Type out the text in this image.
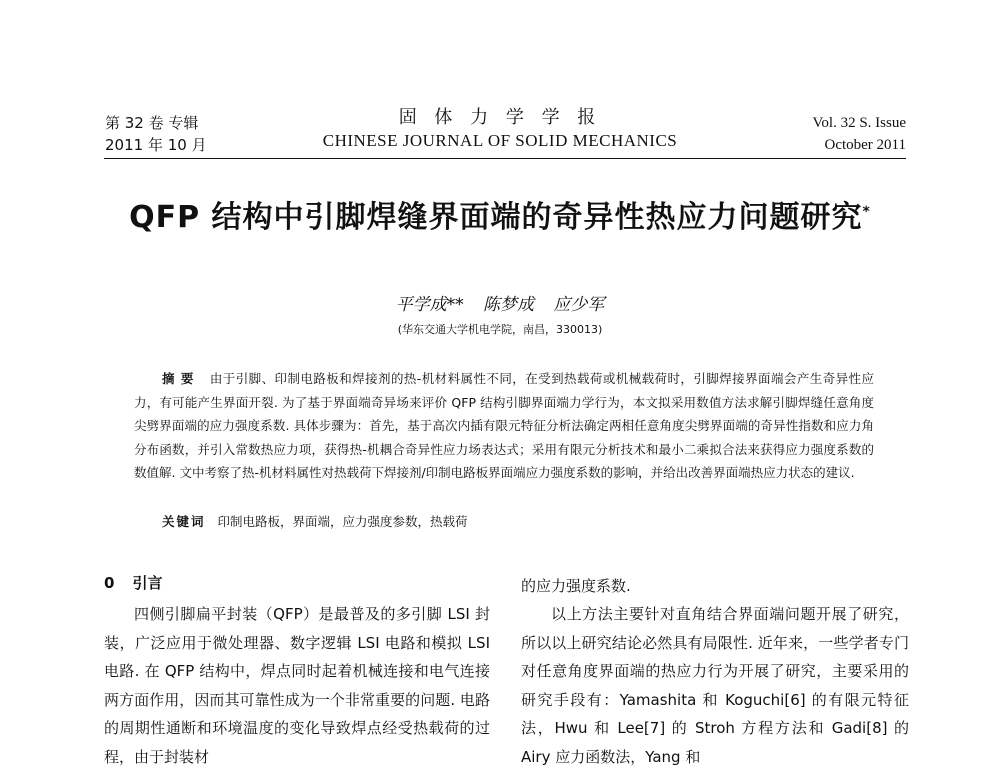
第 32 卷 专辑
2011 年 10 月
固 体 力 学 学 报
CHINESE JOURNAL OF SOLID MECHANICS
Vol. 32 S. Issue
October 2011
QFP 结构中引脚焊缝界面端的奇异性热应力问题研究*
平学成** 陈梦成 应少军
(华东交通大学机电学院，南昌，330013)
摘要 由于引脚、印制电路板和焊接剂的热-机材料属性不同，在受到热载荷或机械载荷时，引脚焊接界面端会产生奇异性应力，有可能产生界面开裂. 为了基于界面端奇异场来评价 QFP 结构引脚界面端力学行为，本文拟采用数值方法求解引脚焊缝任意角度尖劈界面端的应力强度系数. 具体步骤为：首先，基于高次内插有限元特征分析法确定两相任意角度尖劈界面端的奇异性指数和应力角分布函数，并引入常数热应力项，获得热-机耦合奇异性应力场表达式；采用有限元分析技术和最小二乘拟合法来获得应力强度系数的数值解. 文中考察了热-机材料属性对热载荷下焊接剂/印制电路板界面端应力强度系数的影响，并给出改善界面端热应力状态的建议.
关键词 印制电路板，界面端，应力强度参数，热载荷
0 引言
四侧引脚扁平封装（QFP）是最普及的多引脚 LSI 封装，广泛应用于微处理器、数字逻辑 LSI 电路和模拟 LSI 电路. 在 QFP 结构中，焊点同时起着机械连接和电气连接两方面作用，因而其可靠性成为一个非常重要的问题. 电路的周期性通断和环境温度的变化导致焊点经受热载荷的过程，由于封装材
的应力强度系数.
以上方法主要针对直角结合界面端问题开展了研究，所以以上研究结论必然具有局限性. 近年来，一些学者专门对任意角度界面端的热应力行为开展了研究，主要采用的研究手段有：Yamashita 和 Koguchi[6] 的有限元特征法，Hwu 和 Lee[7] 的 Stroh 方程方法和 Gadi[8] 的 Airy 应力函数法，Yang 和
